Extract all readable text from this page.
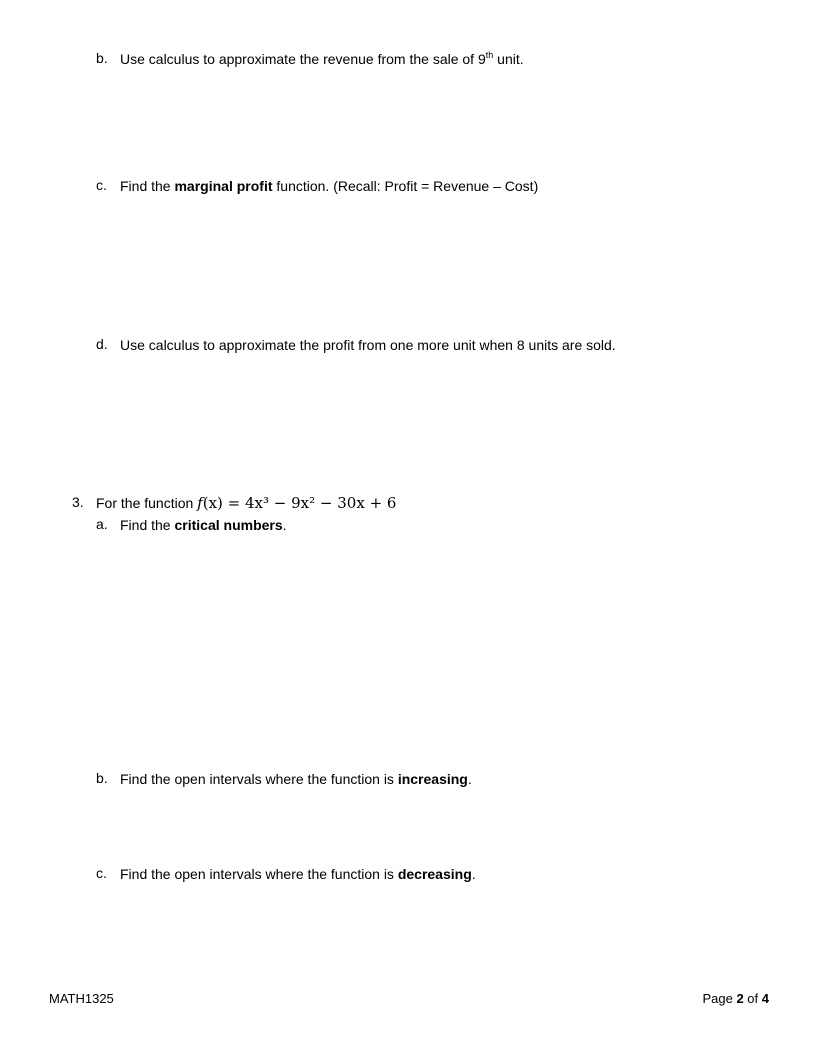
b. Use calculus to approximate the revenue from the sale of 9th unit.
c. Find the marginal profit function. (Recall: Profit = Revenue – Cost)
d. Use calculus to approximate the profit from one more unit when 8 units are sold.
3. For the function f(x) = 4x³ − 9x² − 30x + 6
a. Find the critical numbers.
b. Find the open intervals where the function is increasing.
c. Find the open intervals where the function is decreasing.
MATH1325	Page 2 of 4
